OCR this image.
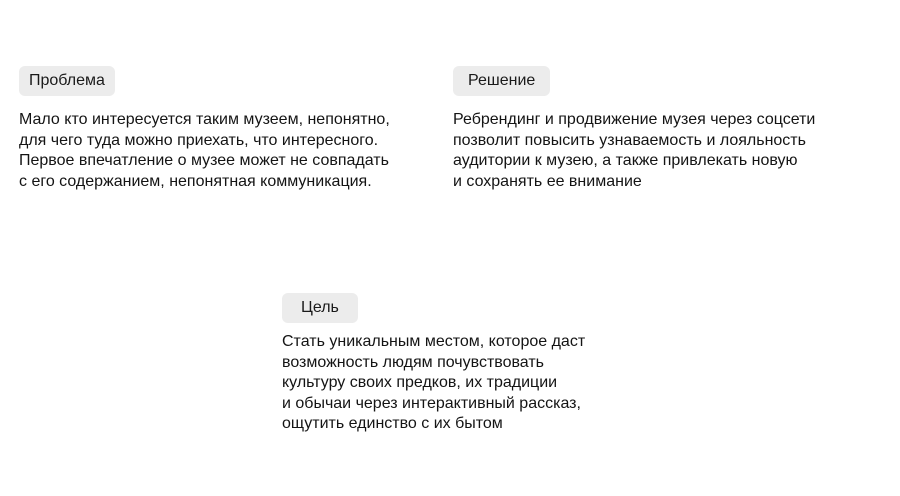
Проблема
Мало кто интересуется таким музеем, непонятно,
для чего туда можно приехать, что интересного.
Первое впечатление о музее может не совпадать
с его содержанием, непонятная коммуникация.
Решение
Ребрендинг и продвижение музея через соцсети
позволит повысить узнаваемость и лояльность
аудитории к музею, а также привлекать новую
и сохранять ее внимание
Цель
Стать уникальным местом, которое даст
возможность людям почувствовать
культуру своих предков, их традиции
и обычаи через интерактивный рассказ,
ощутить единство с их бытом
